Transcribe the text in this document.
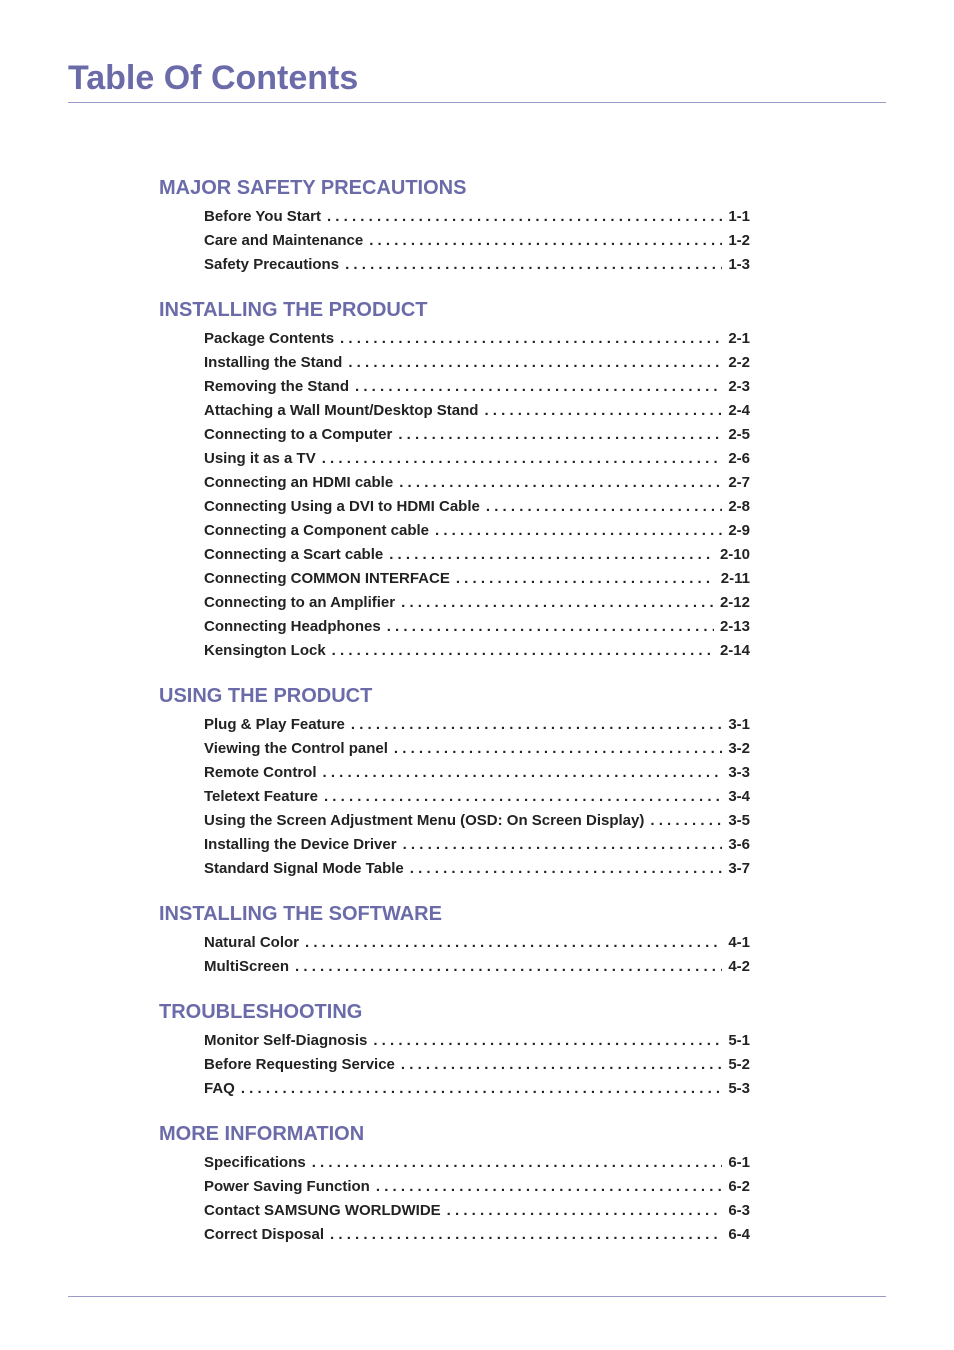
Table Of Contents
MAJOR SAFETY PRECAUTIONS
Before You Start . . .	1-1
Care and Maintenance . . .	1-2
Safety Precautions . . .	1-3
INSTALLING THE PRODUCT
Package Contents . . .	2-1
Installing the Stand . . .	2-2
Removing the Stand . . .	2-3
Attaching a Wall Mount/Desktop Stand . . .	2-4
Connecting to a Computer . . .	2-5
Using it as a TV . . .	2-6
Connecting an HDMI cable . . .	2-7
Connecting Using a DVI to HDMI Cable . . .	2-8
Connecting a Component cable . . .	2-9
Connecting a Scart cable . . .	2-10
Connecting COMMON INTERFACE . . .	2-11
Connecting to an Amplifier . . .	2-12
Connecting Headphones . . .	2-13
Kensington Lock . . .	2-14
USING THE PRODUCT
Plug & Play Feature . . .	3-1
Viewing the Control panel . . .	3-2
Remote Control . . .	3-3
Teletext Feature . . .	3-4
Using the Screen Adjustment Menu (OSD: On Screen Display) . . .	3-5
Installing the Device Driver . . .	3-6
Standard Signal Mode Table . . .	3-7
INSTALLING THE SOFTWARE
Natural Color . . .	4-1
MultiScreen . . .	4-2
TROUBLESHOOTING
Monitor Self-Diagnosis . . .	5-1
Before Requesting Service . . .	5-2
FAQ . . .	5-3
MORE INFORMATION
Specifications . . .	6-1
Power Saving Function . . .	6-2
Contact SAMSUNG WORLDWIDE . . .	6-3
Correct Disposal . . .	6-4
